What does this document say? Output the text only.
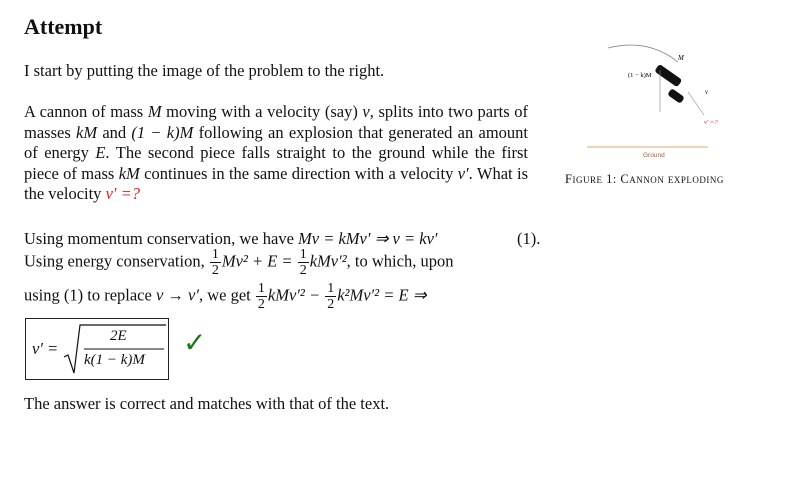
Attempt
I start by putting the image of the problem to the right.
A cannon of mass M moving with a velocity (say) v, splits into two parts of masses kM and (1 − k)M following an explosion that generated an amount of energy E. The second piece falls straight to the ground while the first piece of mass kM continues in the same direction with a velocity v′. What is the velocity v′ =?
Using momentum conservation, we have Mv = kMv′ ⇒ v = kv′	(1).
Using energy conservation, $\frac{1}{2} Mv^2 + E = \frac{1}{2} kMv'^2$, to which, upon
using (1) to replace v → v′, we get $\frac{1}{2} kMv'^2 - \frac{1}{2} k^2Mv'^2 = E$ ⇒
v′ =
2E
k(1 − k)M
✓
The answer is correct and matches with that of the text.
M
(1 − k)M
v
v′ =?
Ground
Figure 1: Cannon exploding
